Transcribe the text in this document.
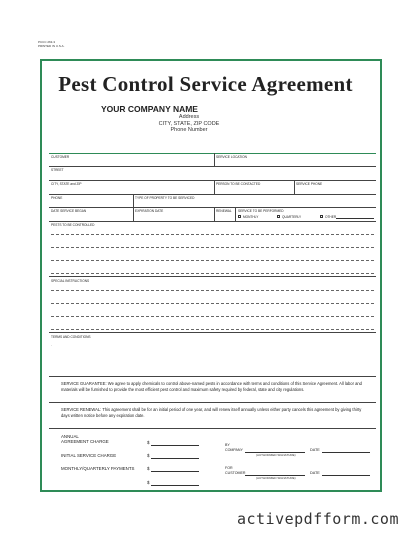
PCCC 263-3
PRINTED IN U.S.A.
Pest Control Service Agreement
YOUR COMPANY NAME
Address
CITY, STATE, ZIP CODE
Phone Number
CUSTOMER	SERVICE LOCATION
STREET
CITY, STATE and ZIP	PERSON TO BE CONTACTED	SERVICE PHONE
PHONE	TYPE OF PROPERTY TO BE SERVICED
DATE SERVICE BEGAN	EXPIRATION DATE	RENEWAL SERVICE TO BE PERFORMED
MONTHLY	QUARTERLY	OTHER
PESTS TO BE CONTROLLED
SPECIAL INSTRUCTIONS
TERMS AND CONDITIONS
.
SERVICE GUARANTEE: We agree to apply chemicals to control above-named pests in accordance with terms and conditions of this Service Agreement. All labor and materials will be furnished to provide the most efficient pest control and maximum safety required by federal, state and city regulations.
SERVICE RENEWAL: This agreement shall be for an initial period of one year, and will renew itself annually unless either party cancels this agreement by giving thirty days written notice before any expiration date.
ANNUAL
AGREEMENT CHARGE	$
INITIAL SERVICE CHARGE	$
MONTHLY/QUARTERLY PAYMENTS	$
$
BY
COMPANY
(AUTHORIZED SIGNATURE)
DATE
FOR
CUSTOMER
(AUTHORIZED SIGNATURE)
DATE
activepdfform.com
